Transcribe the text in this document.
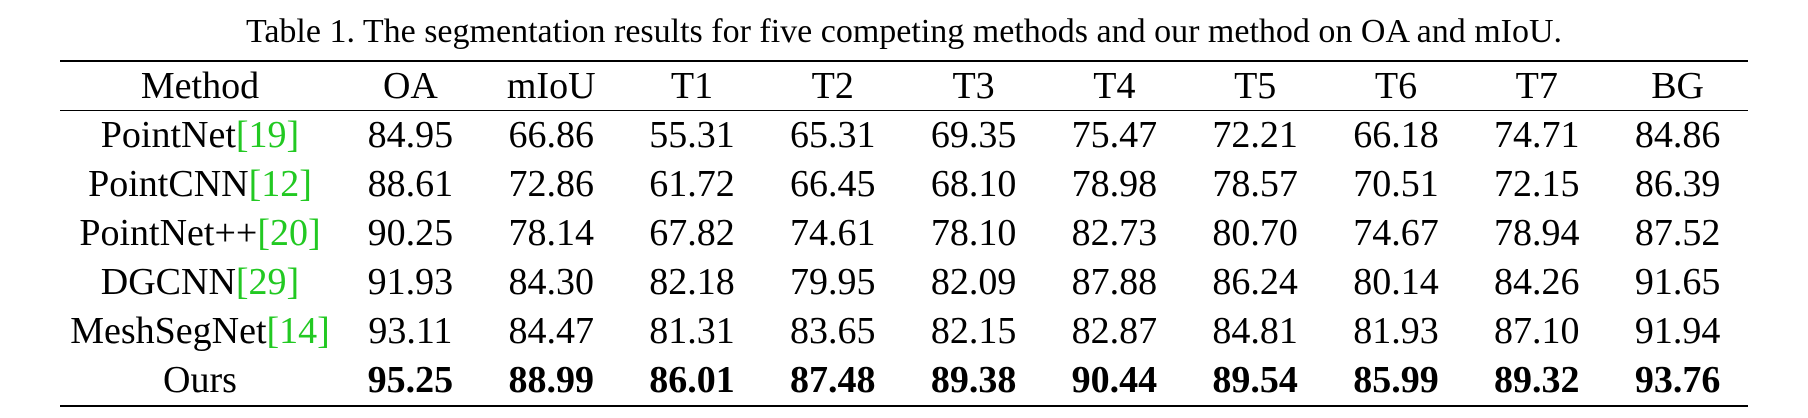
Table 1. The segmentation results for five competing methods and our method on OA and mIoU.
Method	OA	mIoU	T1	T2	T3	T4	T5	T6	T7	BG
PointNet[19]	84.95	66.86	55.31	65.31	69.35	75.47	72.21	66.18	74.71	84.86
PointCNN[12]	88.61	72.86	61.72	66.45	68.10	78.98	78.57	70.51	72.15	86.39
PointNet++[20]	90.25	78.14	67.82	74.61	78.10	82.73	80.70	74.67	78.94	87.52
DGCNN[29]	91.93	84.30	82.18	79.95	82.09	87.88	86.24	80.14	84.26	91.65
MeshSegNet[14]	93.11	84.47	81.31	83.65	82.15	82.87	84.81	81.93	87.10	91.94
Ours	95.25	88.99	86.01	87.48	89.38	90.44	89.54	85.99	89.32	93.76
